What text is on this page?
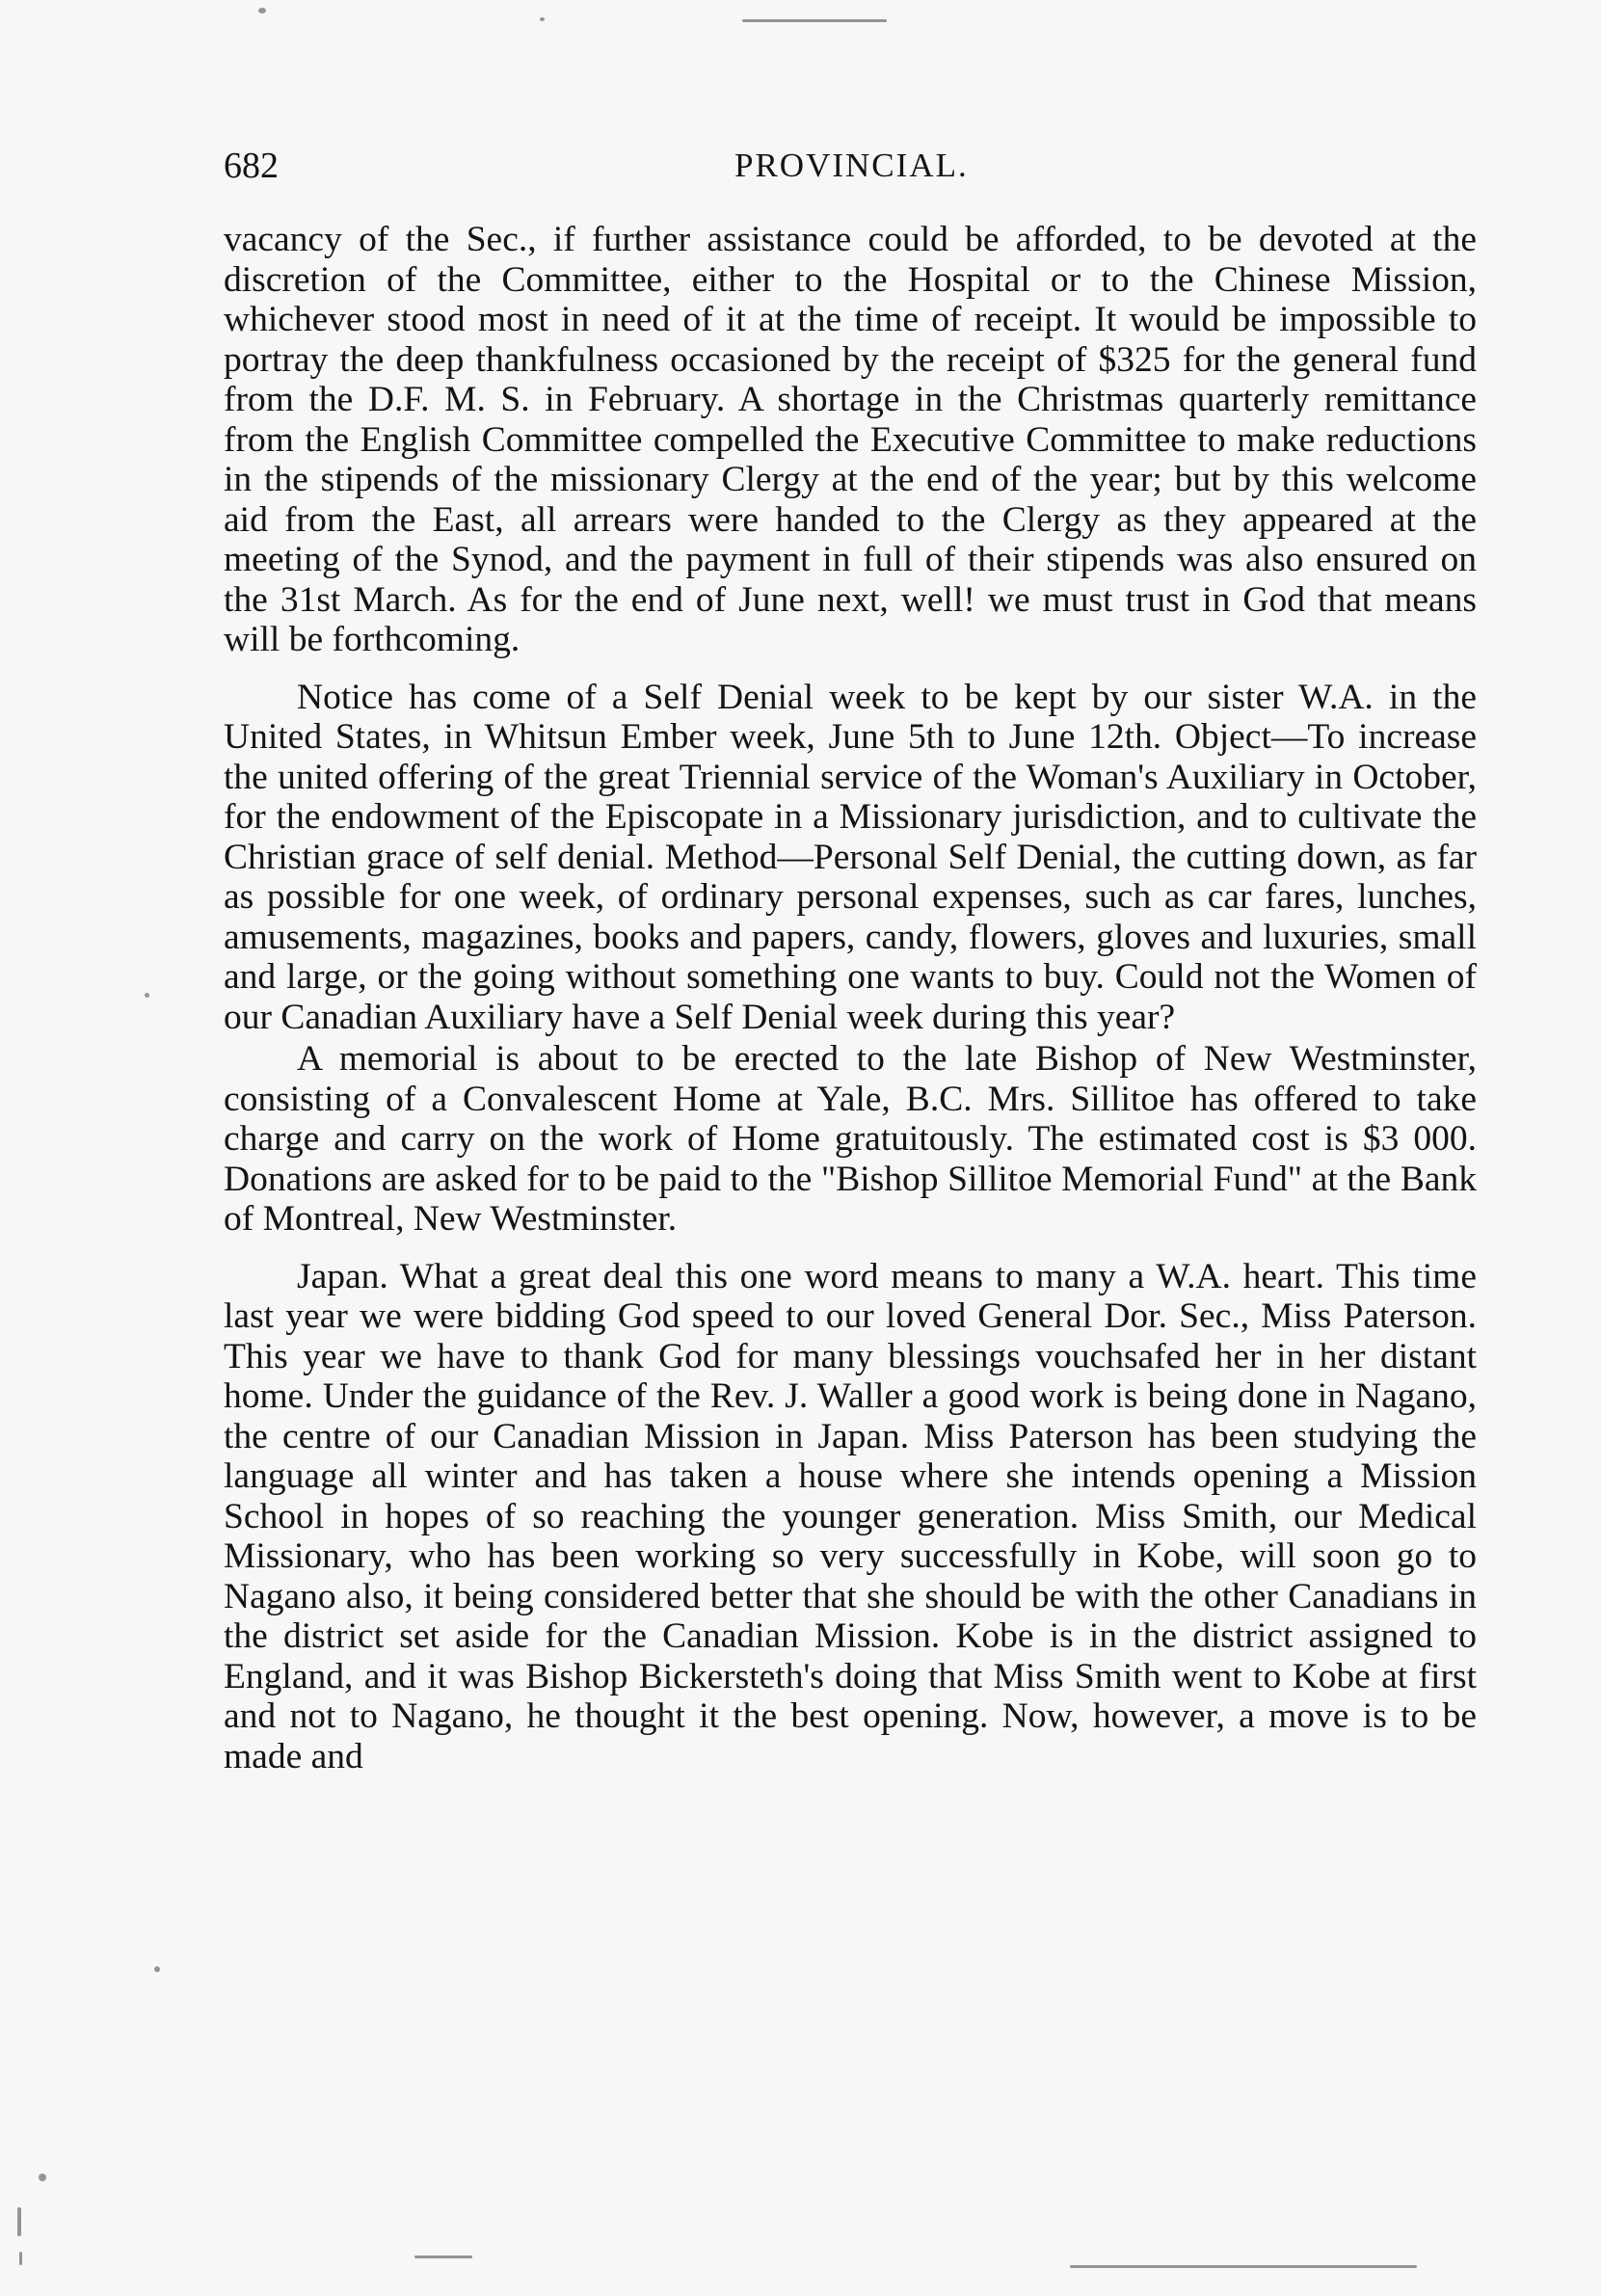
682	PROVINCIAL.

vacancy of the Sec., if further assistance could be afforded, to be devoted at the discretion of the Committee, either to the Hospital or to the Chinese Mission, whichever stood most in need of it at the time of receipt. It would be impossible to portray the deep thankfulness occasioned by the receipt of $325 for the general fund from the D.F. M. S. in February. A shortage in the Christmas quarterly remittance from the English Committee compelled the Executive Committee to make reductions in the stipends of the missionary Clergy at the end of the year; but by this welcome aid from the East, all arrears were handed to the Clergy as they appeared at the meeting of the Synod, and the payment in full of their stipends was also ensured on the 31st March. As for the end of June next, well! we must trust in God that means will be forthcoming.

Notice has come of a Self Denial week to be kept by our sister W.A. in the United States, in Whitsun Ember week, June 5th to June 12th. Object—To increase the united offering of the great Triennial service of the Woman's Auxiliary in October, for the endowment of the Episcopate in a Missionary jurisdiction, and to cultivate the Christian grace of self denial. Method—Personal Self Denial, the cutting down, as far as possible for one week, of ordinary personal expenses, such as car fares, lunches, amusements, magazines, books and papers, candy, flowers, gloves and luxuries, small and large, or the going without something one wants to buy. Could not the Women of our Canadian Auxiliary have a Self Denial week during this year?

A memorial is about to be erected to the late Bishop of New Westminster, consisting of a Convalescent Home at Yale, B.C. Mrs. Sillitoe has offered to take charge and carry on the work of Home gratuitously. The estimated cost is $3 000. Donations are asked for to be paid to the "Bishop Sillitoe Memorial Fund" at the Bank of Montreal, New Westminster.

Japan. What a great deal this one word means to many a W.A. heart. This time last year we were bidding God speed to our loved General Dor. Sec., Miss Paterson. This year we have to thank God for many blessings vouchsafed her in her distant home. Under the guidance of the Rev. J. Waller a good work is being done in Nagano, the centre of our Canadian Mission in Japan. Miss Paterson has been studying the language all winter and has taken a house where she intends opening a Mission School in hopes of so reaching the younger generation. Miss Smith, our Medical Missionary, who has been working so very successfully in Kobe, will soon go to Nagano also, it being considered better that she should be with the other Canadians in the district set aside for the Canadian Mission. Kobe is in the district assigned to England, and it was Bishop Bickersteth's doing that Miss Smith went to Kobe at first and not to Nagano, he thought it the best opening. Now, however, a move is to be made and
